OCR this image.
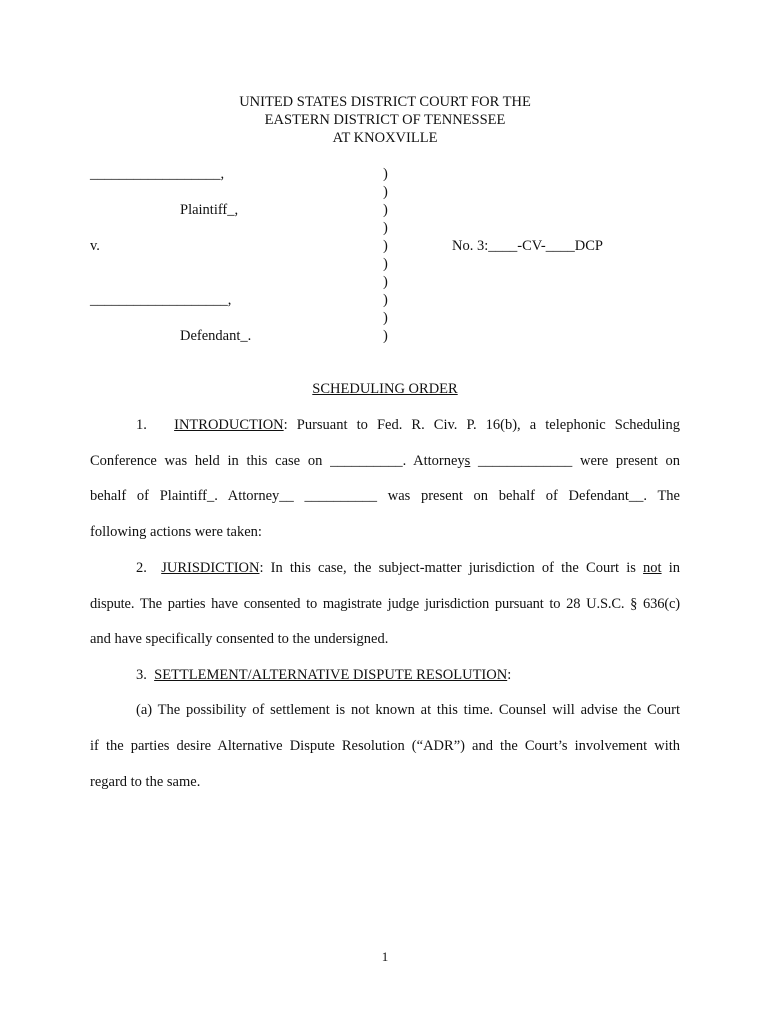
UNITED STATES DISTRICT COURT FOR THE
EASTERN DISTRICT OF TENNESSEE
AT KNOXVILLE
__________________,
Plaintiff_,
v.
___________________,
Defendant_.
)
)
)
)
)
)
)
)
)
)
No. 3:____-CV-____DCP
SCHEDULING ORDER
1. INTRODUCTION: Pursuant to Fed. R. Civ. P. 16(b), a telephonic Scheduling
Conference was held in this case on __________. Attorneys _____________ were present on
behalf of Plaintiff_. Attorney__ __________ was present on behalf of Defendant__. The
following actions were taken:
2. JURISDICTION: In this case, the subject-matter jurisdiction of the Court is not in
dispute. The parties have consented to magistrate judge jurisdiction pursuant to 28 U.S.C. § 636(c)
and have specifically consented to the undersigned.
3. SETTLEMENT/ALTERNATIVE DISPUTE RESOLUTION:
(a) The possibility of settlement is not known at this time. Counsel will advise the Court
if the parties desire Alternative Dispute Resolution (“ADR”) and the Court’s involvement with
regard to the same.
1
